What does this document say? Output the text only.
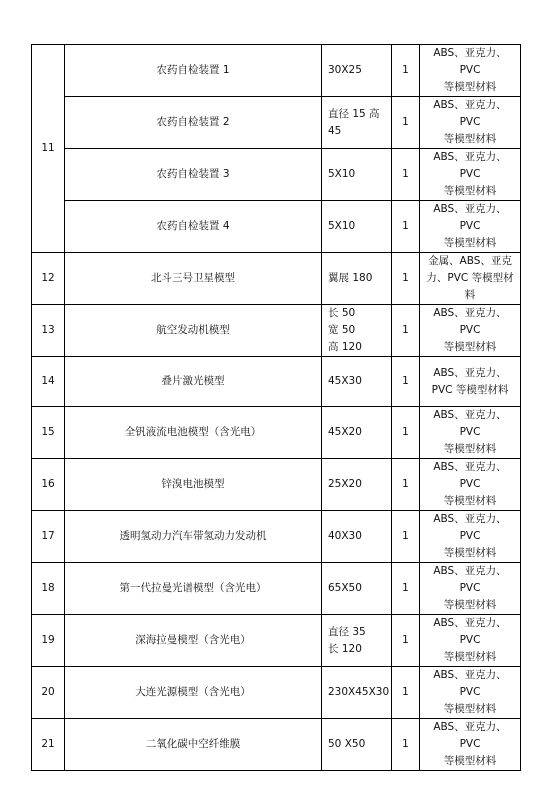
11	农药自检装置 1	30X25	1	ABS、亚克力、PVC
等模型材料
	农药自检装置 2	直径 15 高
45	1	ABS、亚克力、PVC
等模型材料
	农药自检装置 3	5X10	1	ABS、亚克力、PVC
等模型材料
	农药自检装置 4	5X10	1	ABS、亚克力、PVC
等模型材料
12	北斗三号卫星模型	翼展 180	1	金属、ABS、亚克
力、PVC 等模型材
料
13	航空发动机模型	长 50
宽 50
高 120	1	ABS、亚克力、PVC
等模型材料
14	叠片激光模型	45X30	1	ABS、亚克力、
PVC 等模型材料
15	全钒液流电池模型（含光电）	45X20	1	ABS、亚克力、PVC
等模型材料
16	锌溴电池模型	25X20	1	ABS、亚克力、PVC
等模型材料
17	透明氢动力汽车带氢动力发动机	40X30	1	ABS、亚克力、PVC
等模型材料
18	第一代拉曼光谱模型（含光电）	65X50	1	ABS、亚克力、PVC
等模型材料
19	深海拉曼模型（含光电）	直径 35
长 120	1	ABS、亚克力、PVC
等模型材料
20	大连光源模型（含光电）	230X45X30	1	ABS、亚克力、PVC
等模型材料
21	二氧化碳中空纤维膜	50 X50	1	ABS、亚克力、PVC
等模型材料
